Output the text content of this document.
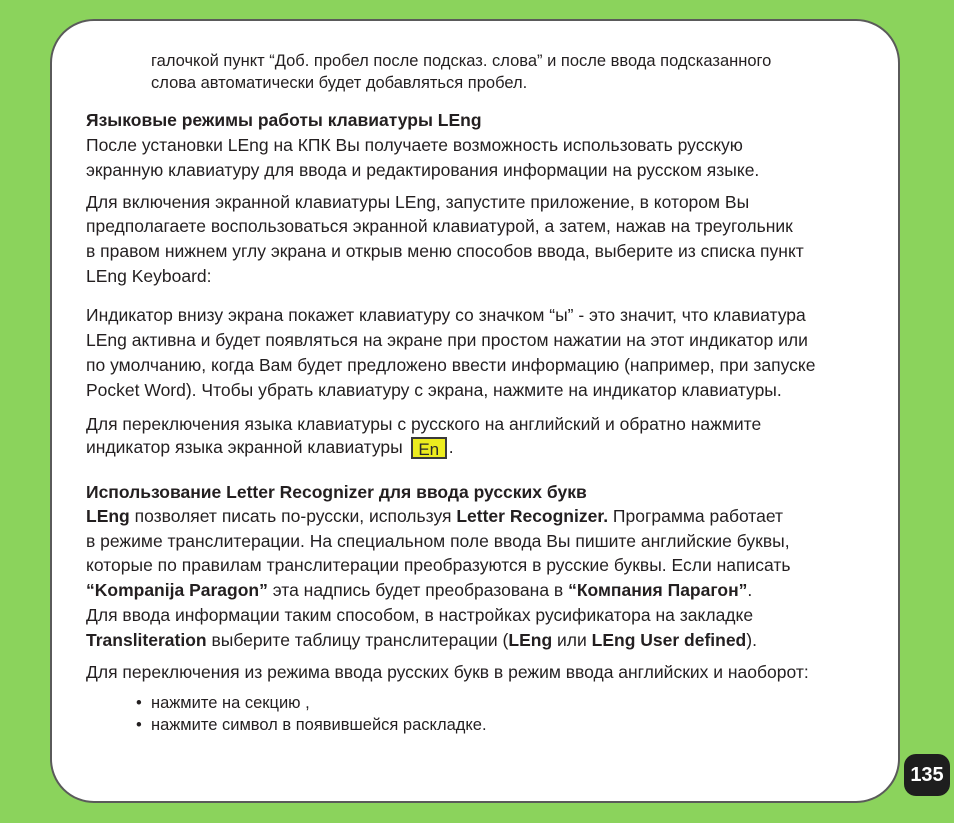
галочкой пункт “Доб. пробел после подсказ. слова” и после ввода подсказанного

слова автоматически будет добавляться пробел.

Языковые режимы работы клавиатуры LEng

После установки LEng на КПК Вы получаете возможность использовать русскую

экранную клавиатуру для ввода и редактирования информации на русском языке.

Для включения экранной клавиатуры LEng, запустите приложение, в котором Вы

предполагаете воспользоваться экранной клавиатурой, а затем, нажав на треугольник

в правом нижнем углу экрана и открыв меню способов ввода, выберите из списка пункт

LEng Keyboard:

Индикатор внизу экрана покажет клавиатуру со значком “ы” - это значит, что клавиатура

LEng активна и будет появляться на экране при простом нажатии на этот индикатор или

по умолчанию, когда Вам будет предложено ввести информацию (например, при запуске

Pocket Word). Чтобы убрать клавиатуру с экрана, нажмите на индикатор клавиатуры.

Для переключения языка клавиатуры с русского на английский и обратно нажмите

индикатор языка экранной клавиатуры En .

Использование Letter Recognizer для ввода русских букв

LEng позволяет писать по-русски, используя Letter Recognizer. Программа работает

в режиме транслитерации. На специальном поле ввода Вы пишите английские буквы,

которые по правилам транслитерации преобразуются в русские буквы. Если написать

“Kompanija Paragon” эта надпись будет преобразована в “Компания Парагон”.

Для ввода информации таким способом, в настройках русификатора на закладке

Transliteration выберите таблицу транслитерации (LEng или LEng User defined).

Для переключения из режима ввода русских букв в режим ввода английских и наоборот:

•  нажмите на секцию ,
•  нажмите символ в появившейся раскладке.
135
